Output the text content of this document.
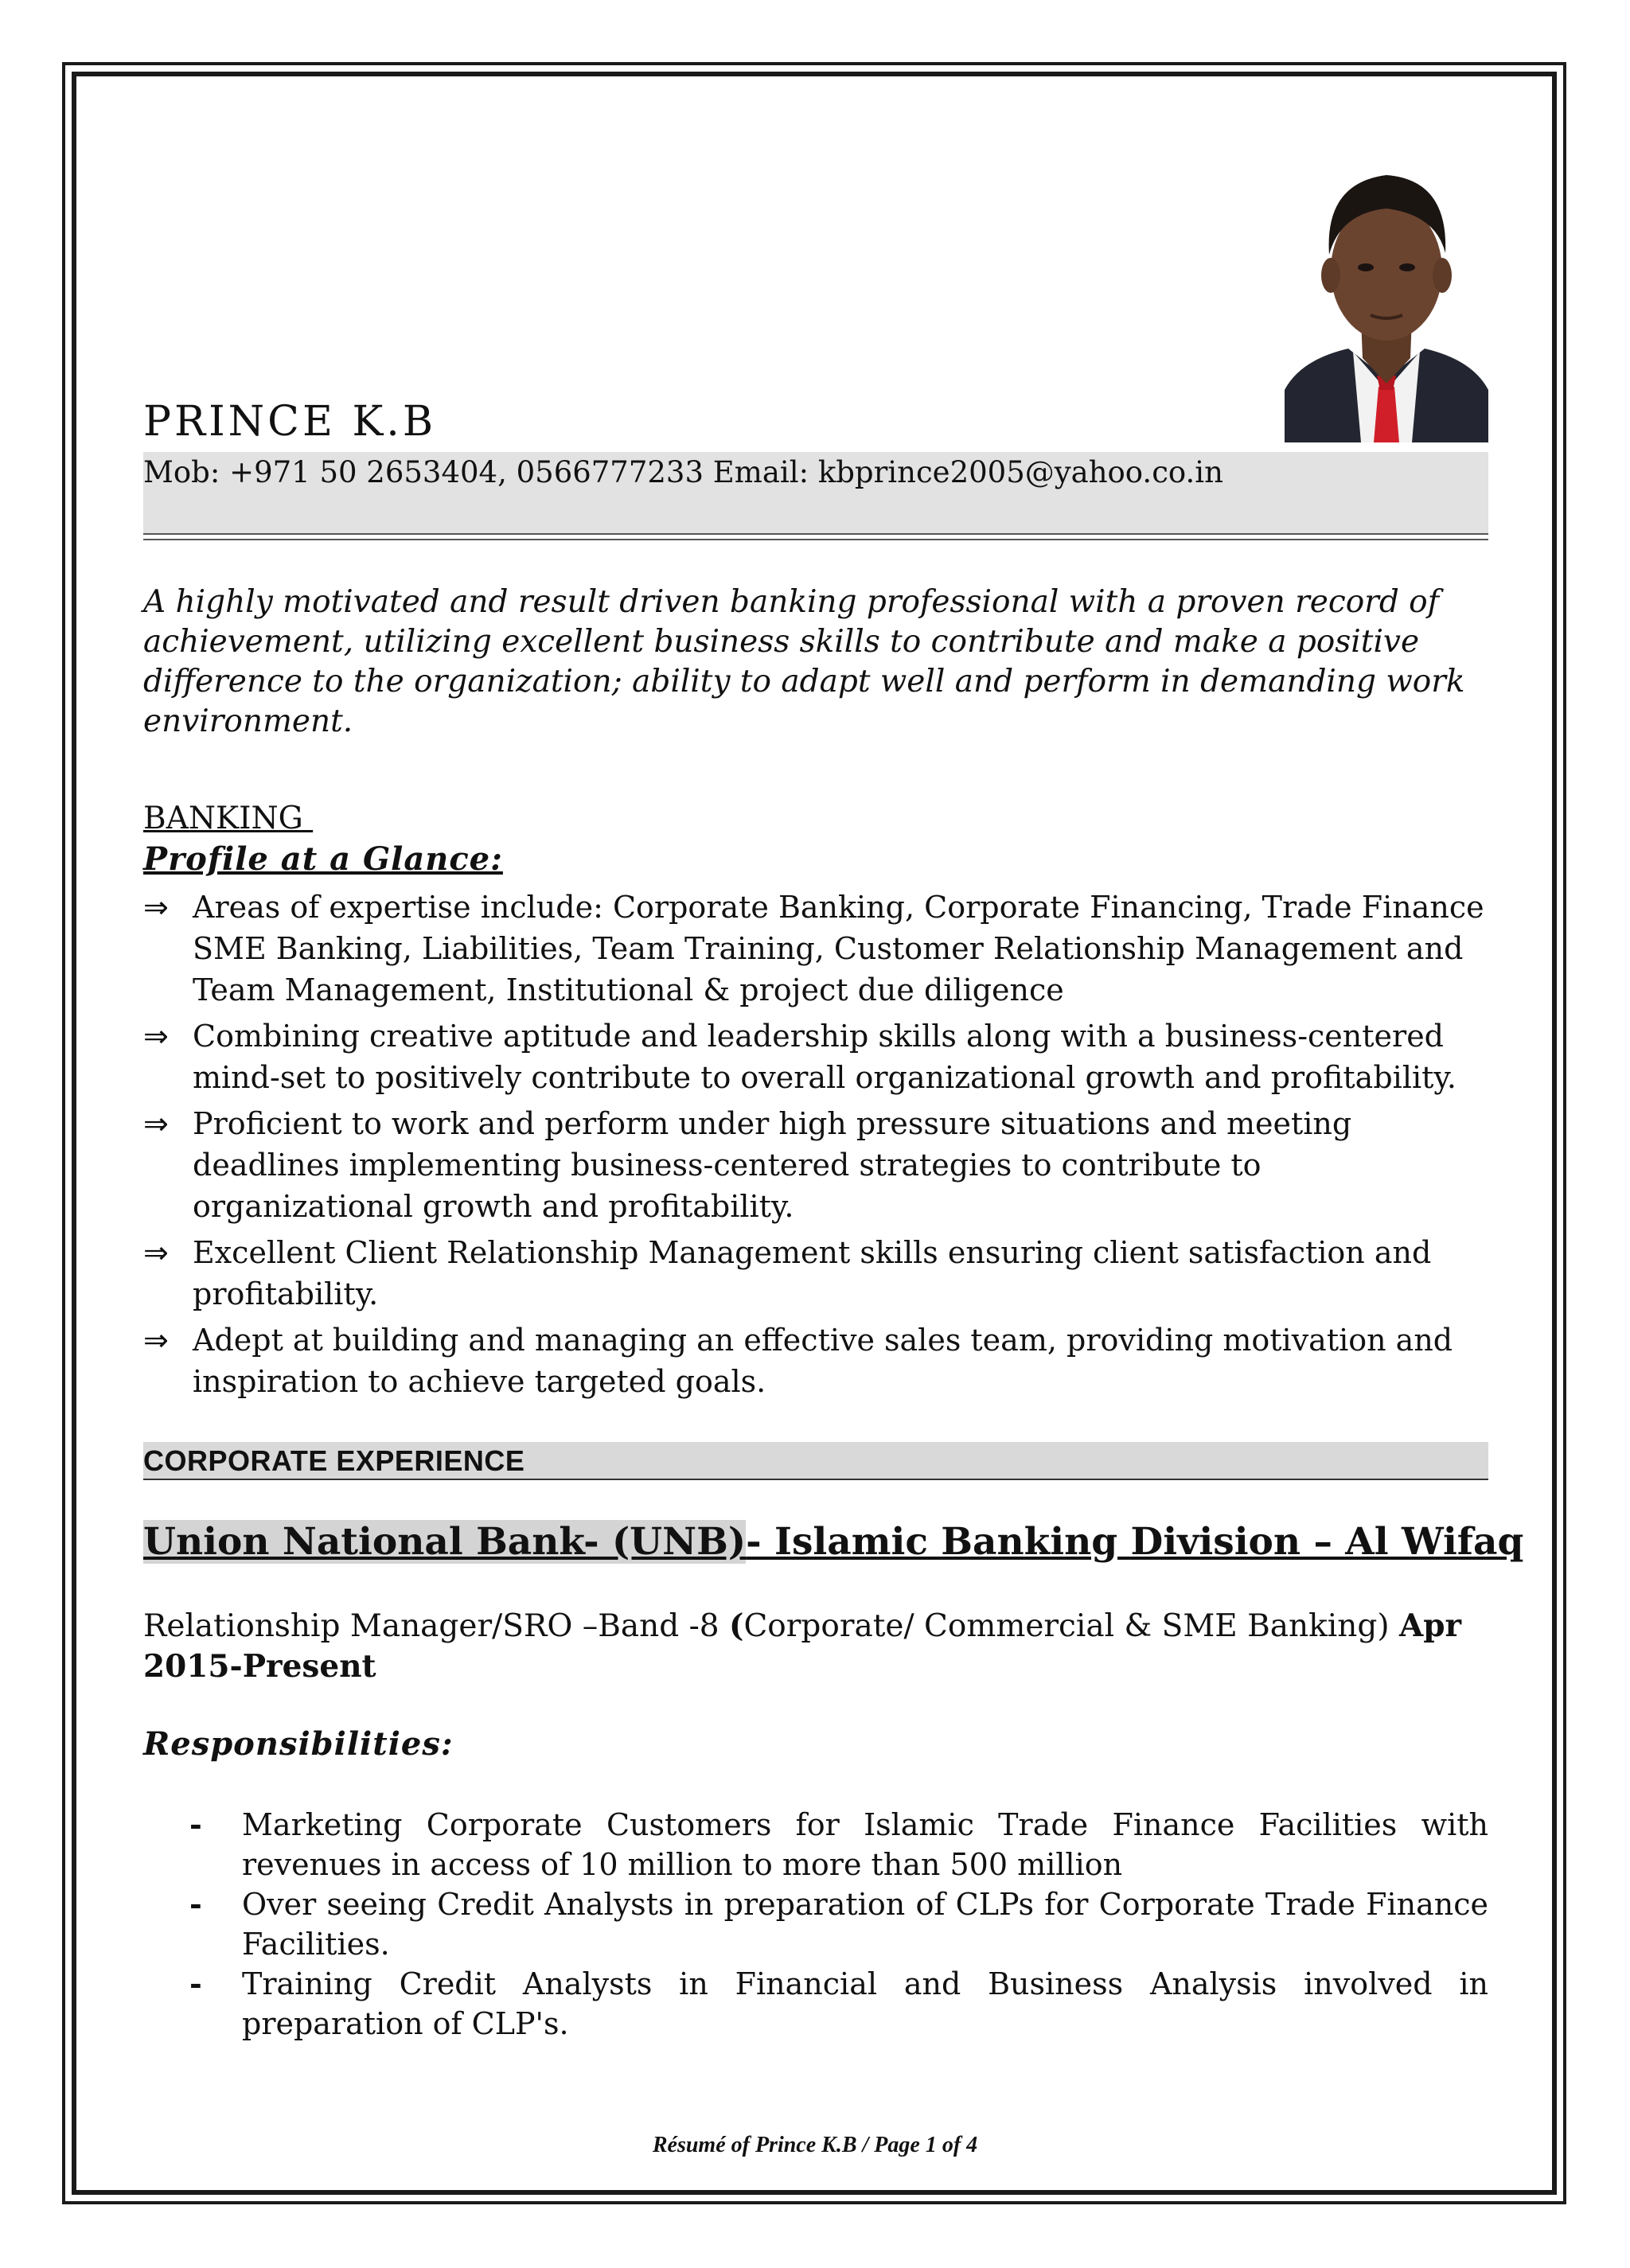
PRINCE K.B
Mob: +971 50 2653404, 0566777233 Email: kbprince2005@yahoo.co.in
A highly motivated and result driven banking professional with a proven record of achievement, utilizing excellent business skills to contribute and make a positive difference to the organization; ability to adapt well and perform in demanding work environment.
BANKING
Profile at a Glance:
⇒ Areas of expertise include: Corporate Banking, Corporate Financing, Trade Finance SME Banking, Liabilities, Team Training, Customer Relationship Management and Team Management, Institutional & project due diligence
⇒ Combining creative aptitude and leadership skills along with a business-centered mind-set to positively contribute to overall organizational growth and profitability.
⇒ Proficient to work and perform under high pressure situations and meeting deadlines implementing business-centered strategies to contribute to organizational growth and profitability.
⇒ Excellent Client Relationship Management skills ensuring client satisfaction and profitability.
⇒ Adept at building and managing an effective sales team, providing motivation and inspiration to achieve targeted goals.
CORPORATE EXPERIENCE
Union National Bank- (UNB)- Islamic Banking Division – Al Wifaq
Relationship Manager/SRO –Band -8 (Corporate/ Commercial & SME Banking) Apr 2015-Present
Responsibilities:
- Marketing Corporate Customers for Islamic Trade Finance Facilities with revenues in access of 10 million to more than 500 million
- Over seeing Credit Analysts in preparation of CLPs for Corporate Trade Finance Facilities.
- Training Credit Analysts in Financial and Business Analysis involved in preparation of CLP's.
Résumé of Prince K.B / Page 1 of 4
